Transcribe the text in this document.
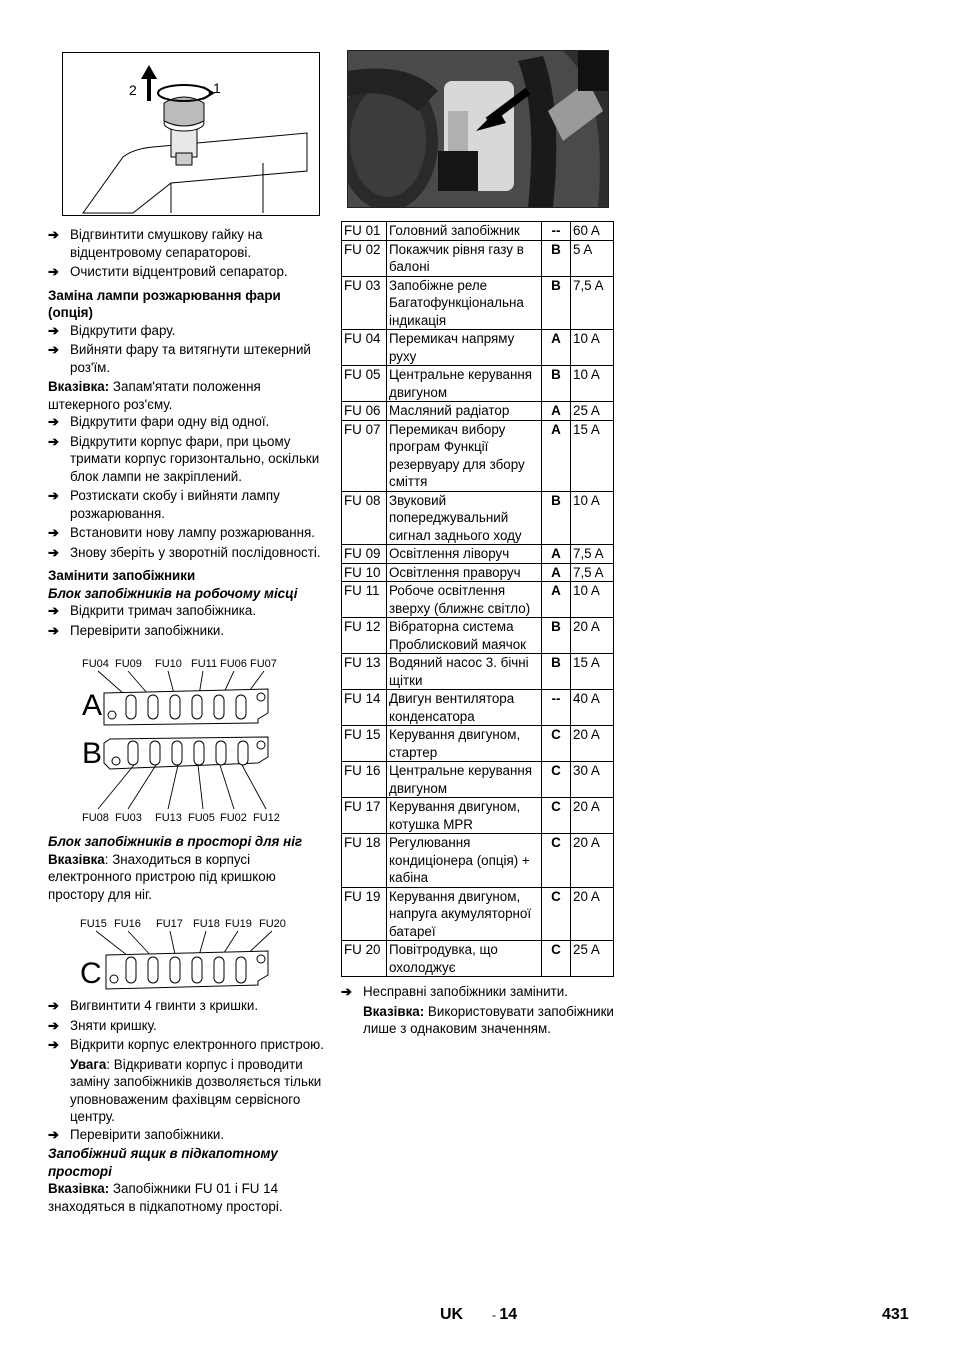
2	1
➔ Відгвинтити смушкову гайку на відцентровому сепараторові.
➔ Очистити відцентровий сепаратор.
Заміна лампи розжарювання фари (опція)
➔ Відкрутити фару.
➔ Вийняти фару та витягнути штекерний роз'їм.
Вказівка: Запам'ятати положення штекерного роз'єму.
➔ Відкрутити фари одну від одної.
➔ Відкрутити корпус фари, при цьому тримати корпус горизонтально, оскільки блок лампи не закріплений.
➔ Розтискати скобу і вийняти лампу розжарювання.
➔ Встановити нову лампу розжарювання.
➔ Знову зберіть у зворотній послідовності.
Замінити запобіжники
Блок запобіжників на робочому місці
➔ Відкрити тримач запобіжника.
➔ Перевірити запобіжники.
FU04 FU09 FU10 FU11 FU06 FU07
A
B
FU08 FU03 FU13 FU05 FU02 FU12
Блок запобіжників в просторі для ніг
Вказівка: Знаходиться в корпусі електронного пристрою під кришкою простору для ніг.
FU15 FU16 FU17 FU18 FU19 FU20
C
➔ Вигвинтити 4 гвинти з кришки.
➔ Зняти кришку.
➔ Відкрити корпус електронного пристрою.
Увага: Відкривати корпус і проводити заміну запобіжників дозволяється тільки уповноваженим фахівцям сервісного центру.
➔ Перевірити запобіжники.
Запобіжний ящик в підкапотному просторі
Вказівка: Запобіжники FU 01 і FU 14 знаходяться в підкапотному просторі.
FU 01	Головний запобіжник	--	60 A
FU 02	Покажчик рівня газу в балоні	B	5 A
FU 03	Запобіжне реле Багатофункціональна індикація	B	7,5 A
FU 04	Перемикач напряму руху	A	10 A
FU 05	Центральне керування двигуном	B	10 A
FU 06	Масляний радіатор	A	25 A
FU 07	Перемикач вибору програм Функції резервуару для збору сміття	A	15 A
FU 08	Звуковий попереджувальний сигнал заднього ходу	B	10 A
FU 09	Освітлення ліворуч	A	7,5 A
FU 10	Освітлення праворуч	A	7,5 A
FU 11	Робоче освітлення зверху (ближнє світло)	A	10 A
FU 12	Вібраторна система Проблисковий маячок	B	20 A
FU 13	Водяний насос 3. бічні щітки	B	15 A
FU 14	Двигун вентилятора конденсатора	--	40 A
FU 15	Керування двигуном, стартер	C	20 A
FU 16	Центральне керування двигуном	C	30 A
FU 17	Керування двигуном, котушка MPR	C	20 A
FU 18	Регулювання кондиціонера (опція) + кабіна	C	20 A
FU 19	Керування двигуном, напруга акумуляторної батареї	C	20 A
FU 20	Повітродувка, що охолоджує	C	25 A
➔ Несправні запобіжники замінити.
Вказівка: Використовувати запобіжники лише з однаковим значенням.
UK - 14	431
